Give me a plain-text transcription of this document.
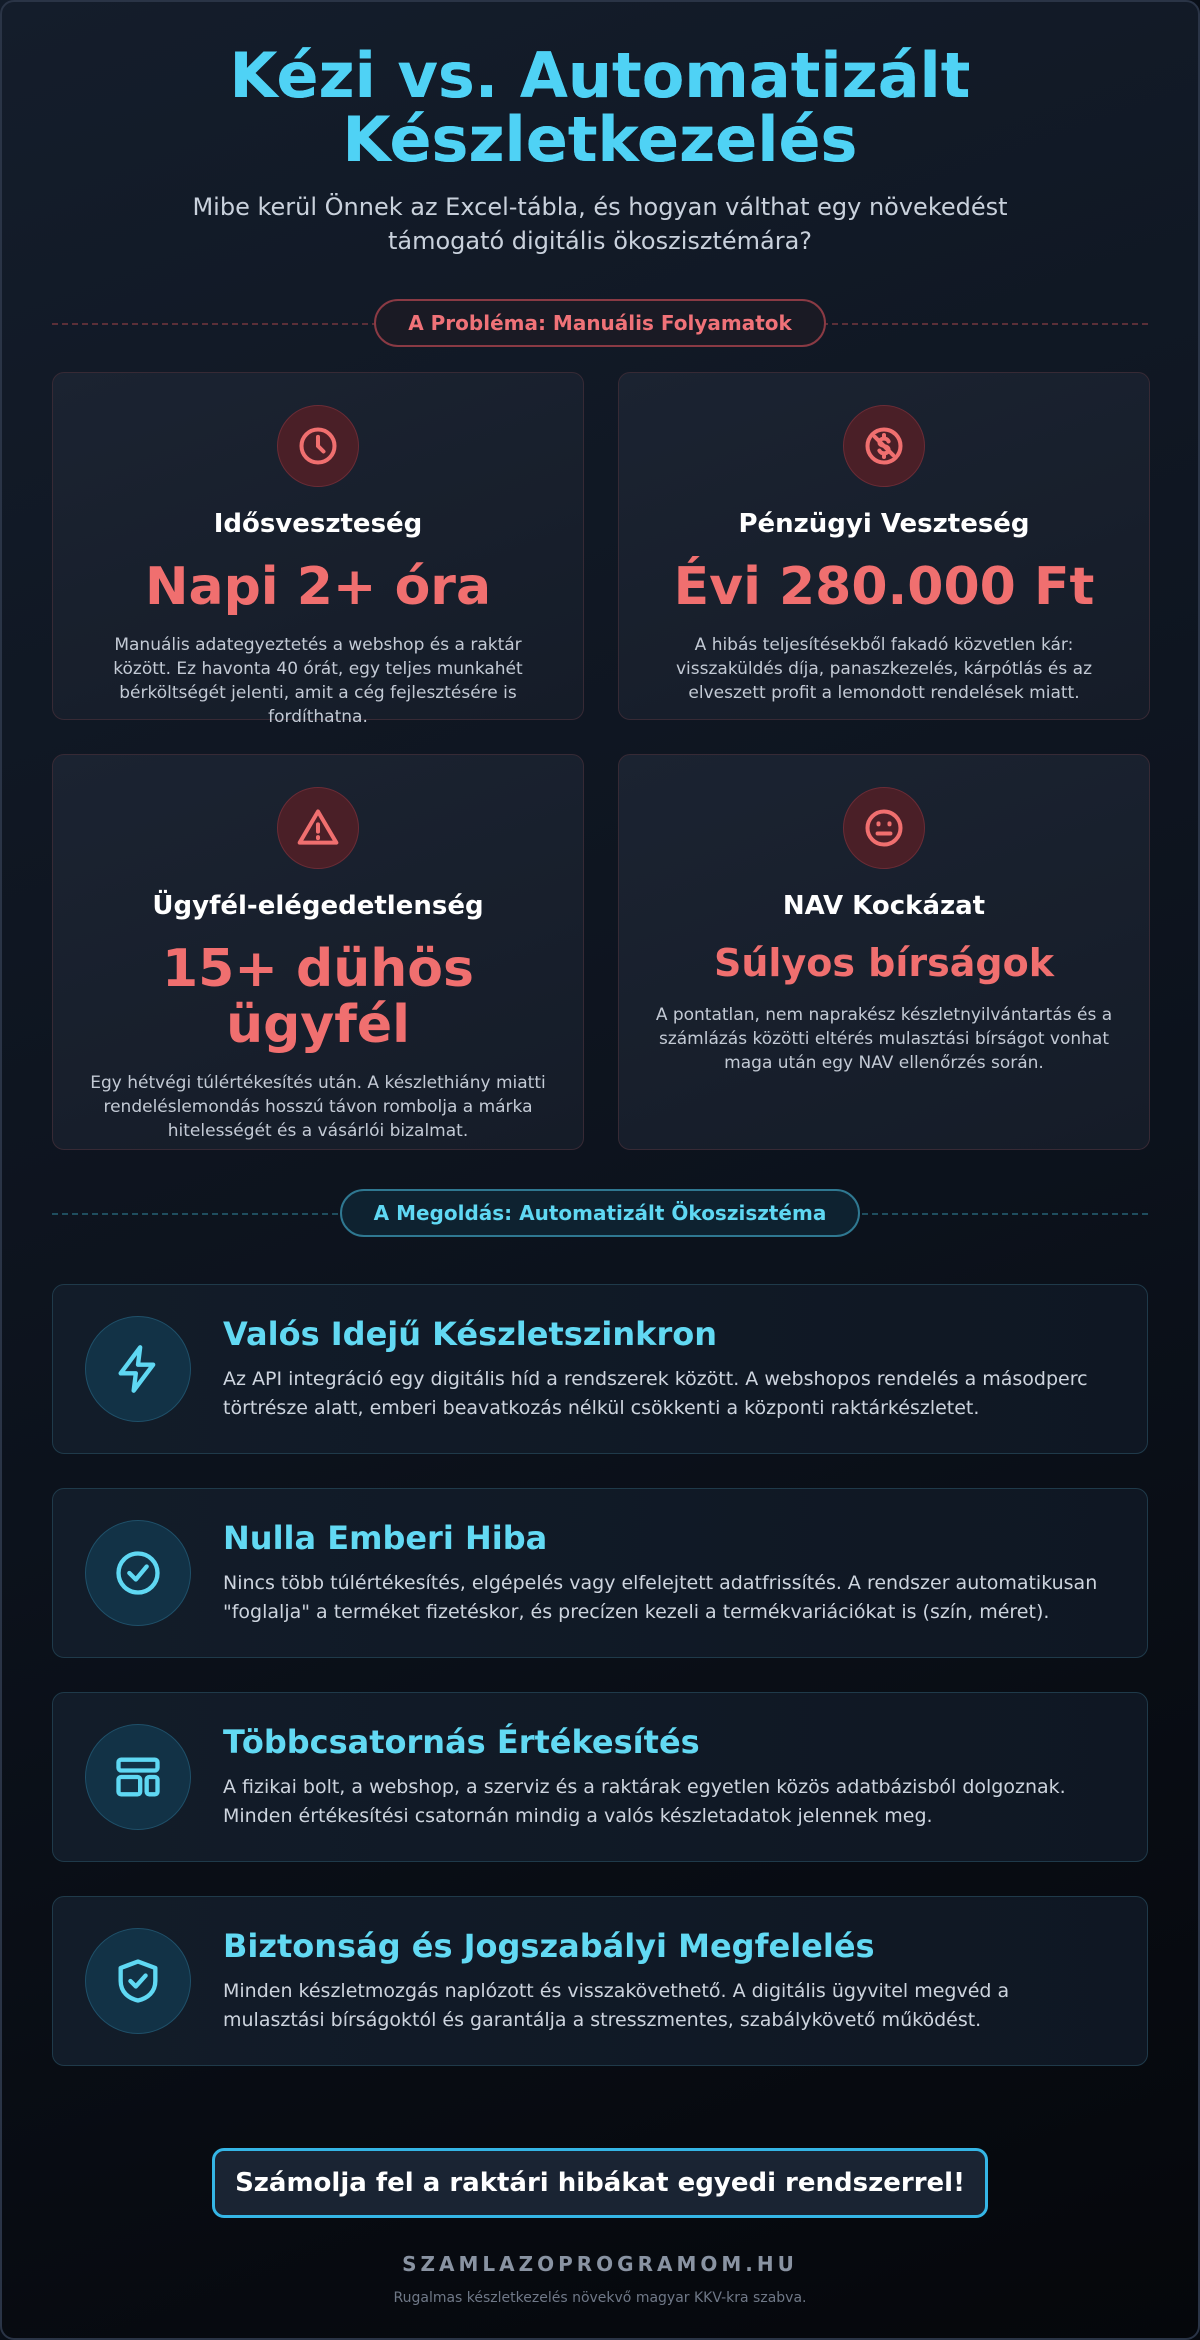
Kézi vs. Automatizált
Készletkezelés

Mibe kerül Önnek az Excel-tábla, és hogyan válthat egy növekedést támogató digitális ökoszisztémára?

A Probléma: Manuális Folyamatok
Idősveszteség
Napi 2+ óra
Manuális adategyeztetés a webshop és a raktár között. Ez havonta 40 órát, egy teljes munkahét bérköltségét jelenti, amit a cég fejlesztésére is fordíthatna.
Pénzügyi Veszteség
Évi 280.000 Ft
A hibás teljesítésekből fakadó közvetlen kár: visszaküldés díja, panaszkezelés, kárpótlás és az elveszett profit a lemondott rendelések miatt.
Ügyfél-elégedetlenség
15+ dühös ügyfél
Egy hétvégi túlértékesítés után. A készlethiány miatti rendeléslemondás hosszú távon rombolja a márka hitelességét és a vásárlói bizalmat.
NAV Kockázat
Súlyos bírságok
A pontatlan, nem naprakész készletnyilvántartás és a számlázás közötti eltérés mulasztási bírságot vonhat maga után egy NAV ellenőrzés során.
A Megoldás: Automatizált Ökoszisztéma
Valós Idejű Készletszinkron
Az API integráció egy digitális híd a rendszerek között. A webshopos rendelés a másodperc törtrésze alatt, emberi beavatkozás nélkül csökkenti a központi raktárkészletet.
Nulla Emberi Hiba
Nincs több túlértékesítés, elgépelés vagy elfelejtett adatfrissítés. A rendszer automatikusan "foglalja" a terméket fizetéskor, és precízen kezeli a termékvariációkat is (szín, méret).
Többcsatornás Értékesítés
A fizikai bolt, a webshop, a szerviz és a raktárak egyetlen közös adatbázisból dolgoznak. Minden értékesítési csatornán mindig a valós készletadatok jelennek meg.
Biztonság és Jogszabályi Megfelelés
Minden készletmozgás naplózott és visszakövethető. A digitális ügyvitel megvéd a mulasztási bírságoktól és garantálja a stresszmentes, szabálykövető működést.
Számolja fel a raktári hibákat egyedi rendszerrel!
SZAMLAZOPROGRAMOM.HU
Rugalmas készletkezelés növekvő magyar KKV-kra szabva.
